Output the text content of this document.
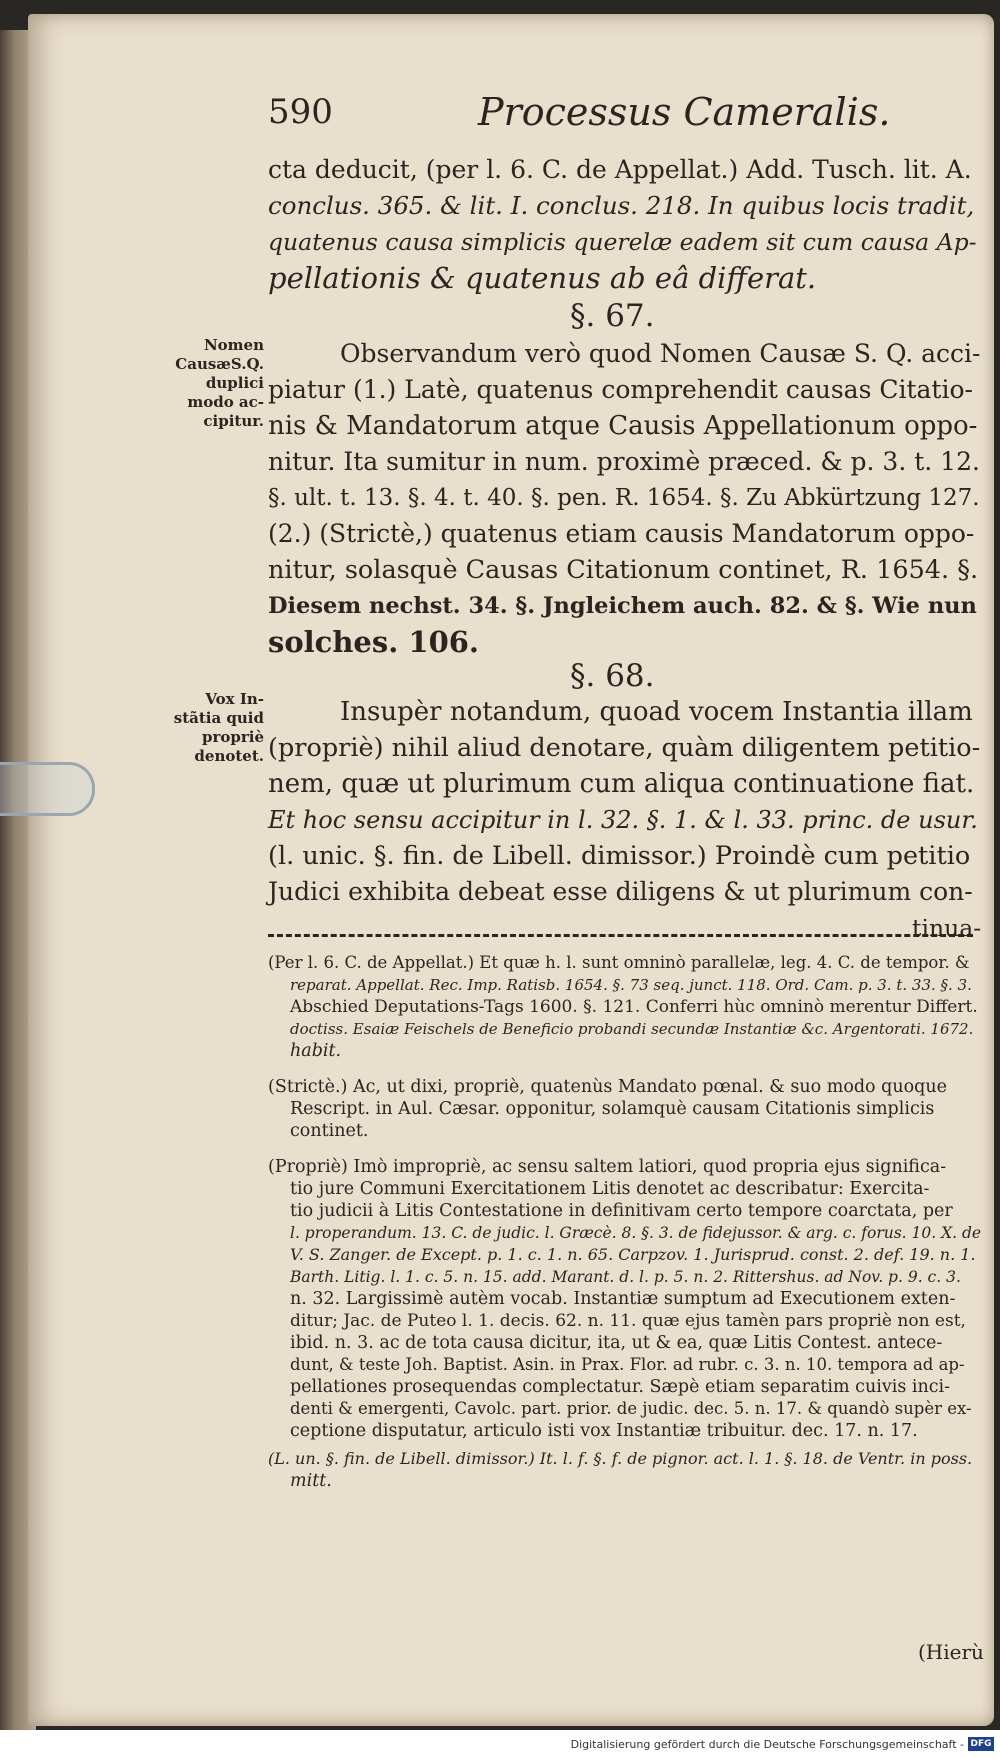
590	Processus Cameralis.
cta deducit, (per l. 6. C. de Appellat.) Add. Tusch. lit. A.
conclus. 365. & lit. I. conclus. 218. In quibus locis tradit,
quatenus causa simplicis querelæ eadem sit cum causa Ap-
pellationis & quatenus ab eâ differat.
§. 67.
Nomen
CausæS.Q.
duplici
modo ac-
cipitur.
Observandum verò quod Nomen Causæ S. Q. acci-
piatur (1.) Latè, quatenus comprehendit causas Citatio-
nis & Mandatorum atque Causis Appellationum oppo-
nitur. Ita sumitur in num. proximè præced. & p. 3. t. 12.
§. ult. t. 13. §. 4. t. 40. §. pen. R. 1654. §. Zu Abkürtzung 127.
(2.) (Strictè,) quatenus etiam causis Mandatorum oppo-
nitur, solasquè Causas Citationum continet, R. 1654. §.
Diesem nechst. 34. §. Jngleichem auch. 82. & §. Wie nun
solches. 106.
§. 68.
Vox In-
stãtia quid
propriè
denotet.
Insupèr notandum, quoad vocem Instantia illam
(propriè) nihil aliud denotare, quàm diligentem petitio-
nem, quæ ut plurimum cum aliqua continuatione fiat.
Et hoc sensu accipitur in l. 32. §. 1. & l. 33. princ. de usur.
(l. unic. §. fin. de Libell. dimissor.) Proindè cum petitio
Judici exhibita debeat esse diligens & ut plurimum con-
tinua-
(Per l. 6. C. de Appellat.) Et quæ h. l. sunt omninò parallelæ, leg. 4. C. de tempor. &
reparat. Appellat. Rec. Imp. Ratisb. 1654. §. 73 seq. junct. 118. Ord. Cam. p. 3. t. 33. §. 3.
Abschied Deputations-Tags 1600. §. 121. Conferri hùc omninò merentur Differt.
doctiss. Esaiæ Feischels de Beneficio probandi secundæ Instantiæ &c. Argentorati. 1672.
habit.
(Strictè.) Ac, ut dixi, propriè, quatenùs Mandato pœnal. & suo modo quoque
Rescript. in Aul. Cæsar. opponitur, solamquè causam Citationis simplicis
continet.
(Propriè) Imò impropriè, ac sensu saltem latiori, quod propria ejus significa-
tio jure Communi Exercitationem Litis denotet ac describatur: Exercita-
tio judicii à Litis Contestatione in definitivam certo tempore coarctata, per
l. properandum. 13. C. de judic. l. Græcè. 8. §. 3. de fidejussor. & arg. c. forus. 10. X. de
V. S. Zanger. de Except. p. 1. c. 1. n. 65. Carpzov. 1. Jurisprud. const. 2. def. 19. n. 1.
Barth. Litig. l. 1. c. 5. n. 15. add. Marant. d. l. p. 5. n. 2. Rittershus. ad Nov. p. 9. c. 3.
n. 32. Largissimè autèm vocab. Instantiæ sumptum ad Executionem exten-
ditur; Jac. de Puteo l. 1. decis. 62. n. 11. quæ ejus tamèn pars propriè non est,
ibid. n. 3. ac de tota causa dicitur, ita, ut & ea, quæ Litis Contest. antece-
dunt, & teste Joh. Baptist. Asin. in Prax. Flor. ad rubr. c. 3. n. 10. tempora ad ap-
pellationes prosequendas complectatur. Sæpè etiam separatim cuivis inci-
denti & emergenti, Cavolc. part. prior. de judic. dec. 5. n. 17. & quandò supèr ex-
ceptione disputatur, articulo isti vox Instantiæ tribuitur. dec. 17. n. 17.
(L. un. §. fin. de Libell. dimissor.) It. l. f. §. f. de pignor. act. l. 1. §. 18. de Ventr. in poss.
mitt.
(Hierù
Digitalisierung gefördert durch die Deutsche Forschungsgemeinschaft - DFG
